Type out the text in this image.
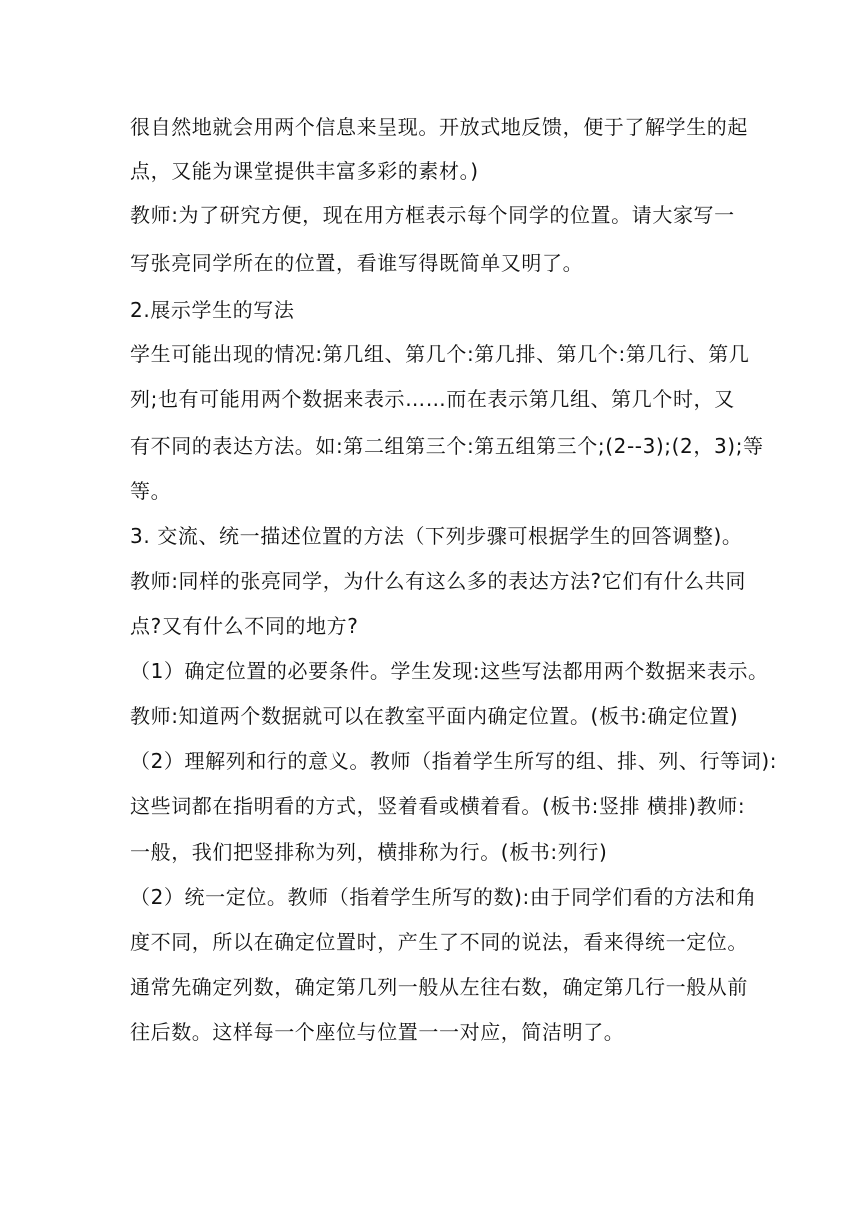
很自然地就会用两个信息来呈现。开放式地反馈，便于了解学生的起
点，又能为课堂提供丰富多彩的素材。)
教师:为了研究方便，现在用方框表示每个同学的位置。请大家写一
写张亮同学所在的位置，看谁写得既简单又明了。
2.展示学生的写法
学生可能出现的情况:第几组、第几个:第几排、第几个:第几行、第几
列;也有可能用两个数据来表示……而在表示第几组、第几个时，又
有不同的表达方法。如:第二组第三个:第五组第三个;(2--3);(2，3);等
等。
3. 交流、统一描述位置的方法（下列步骤可根据学生的回答调整)。
教师:同样的张亮同学，为什么有这么多的表达方法?它们有什么共同
点?又有什么不同的地方?
（1）确定位置的必要条件。学生发现:这些写法都用两个数据来表示。
教师:知道两个数据就可以在教室平面内确定位置。(板书:确定位置)
（2）理解列和行的意义。教师（指着学生所写的组、排、列、行等词):
这些词都在指明看的方式，竖着看或横着看。(板书:竖排 横排)教师:
一般，我们把竖排称为列，横排称为行。(板书:列行)
（2）统一定位。教师（指着学生所写的数):由于同学们看的方法和角
度不同，所以在确定位置时，产生了不同的说法，看来得统一定位。
通常先确定列数，确定第几列一般从左往右数，确定第几行一般从前
往后数。这样每一个座位与位置一一对应，简洁明了。
